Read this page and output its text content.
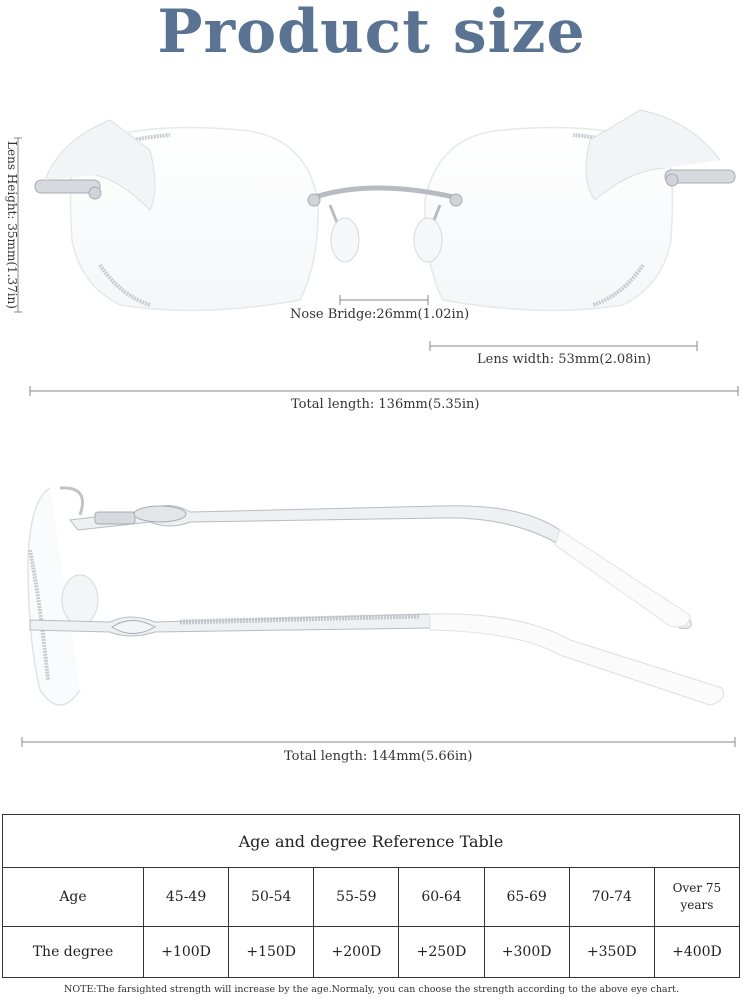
Product size
Lens Height: 35mm(1.37in)
Nose Bridge:26mm(1.02in)
Lens width: 53mm(2.08in)
Total length: 136mm(5.35in)
Total length: 144mm(5.66in)
Age and degree Reference Table							
Age	45-49	50-54	55-59	60-64	65-69	70-74	Over 75
years

The degree	+100D	+150D	+200D	+250D	+300D	+350D	+400D
NOTE:The farsighted strength will increase by the age.Normaly, you can choose the strength according to the above eye chart.
